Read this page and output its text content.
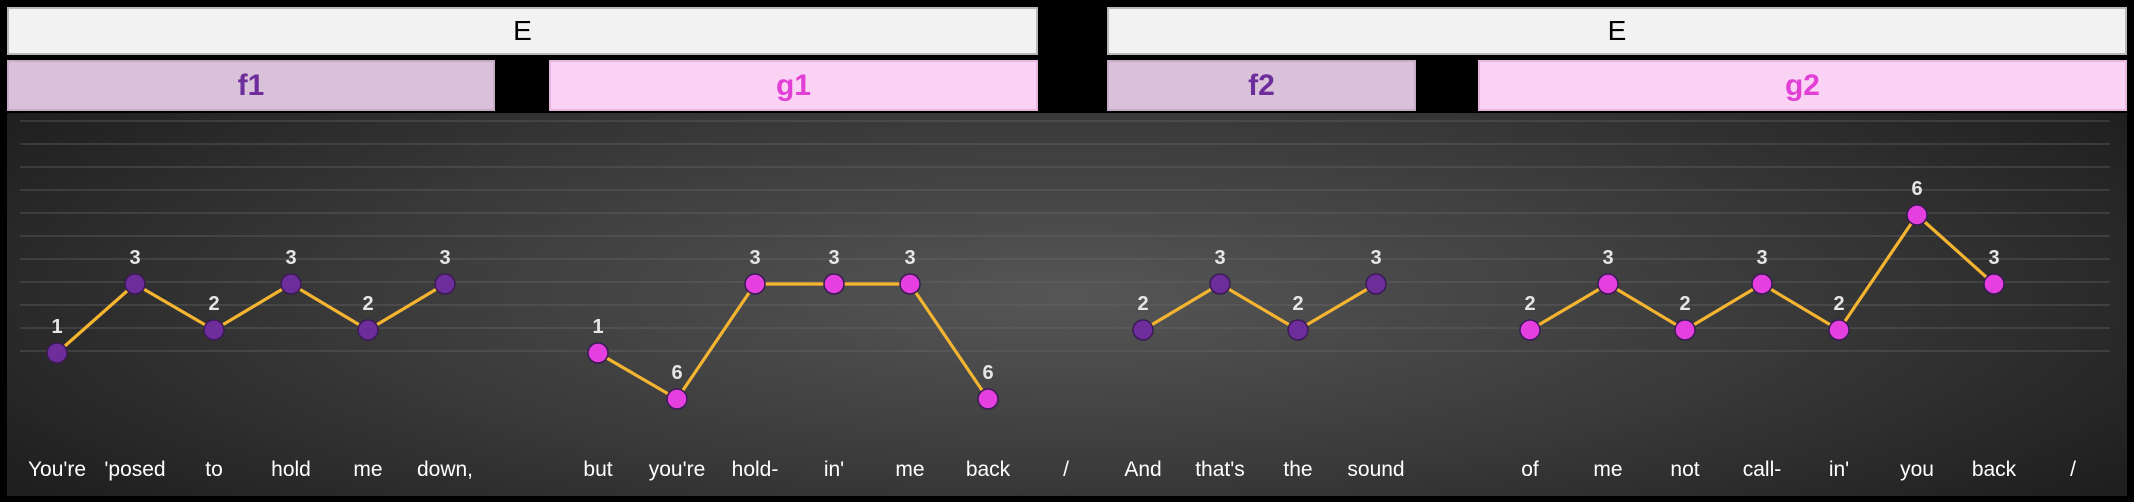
E	E
f1	g1	f2	g2
1
3
2
3
2
3
1
6
3	3	3
6
2
3
2
3
2
3
2
3
2
6
3
You're 'posed	to	hold	me	down,	but	you're	hold-	in'	me	back	And	that's	the	sound	of	me	not	call-	in'	you	back
/	/
